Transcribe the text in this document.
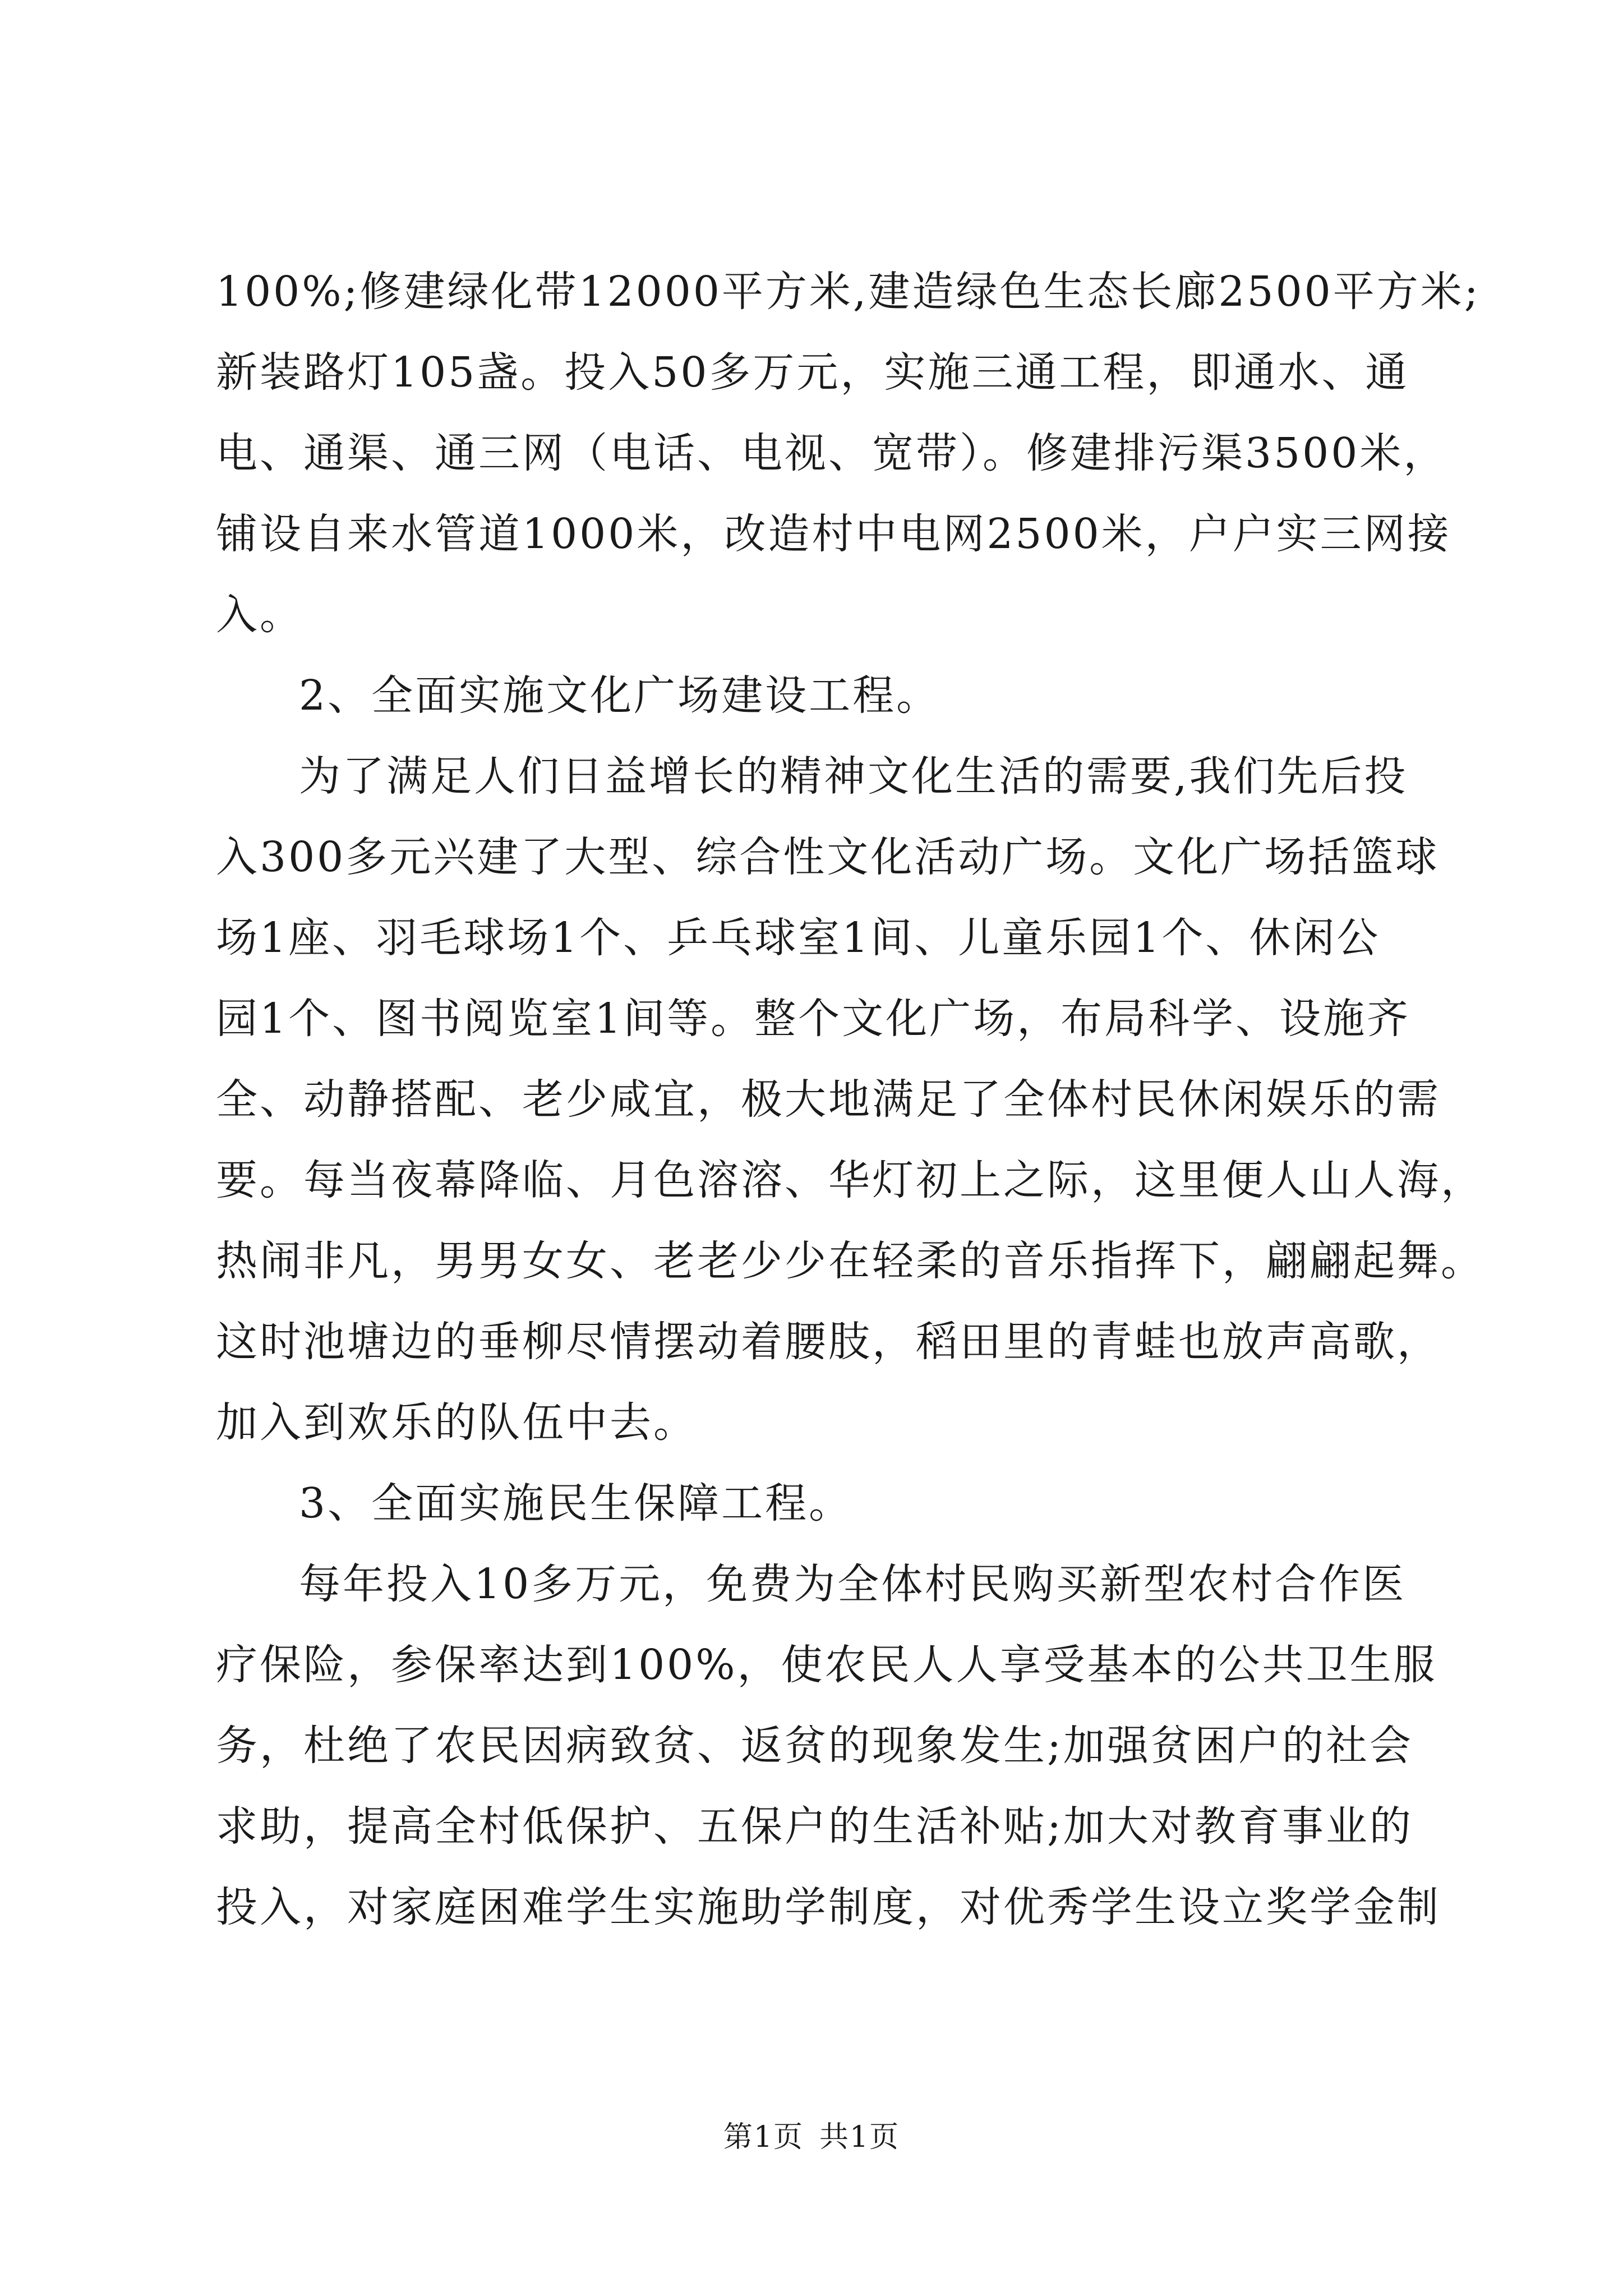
100%;修建绿化带12000平方米,建造绿色生态长廊2500平方米;
新装路灯105盏。投入50多万元，实施三通工程，即通水、通
电、通渠、通三网（电话、电视、宽带）。修建排污渠3500米，
铺设自来水管道1000米，改造村中电网2500米，户户实三网接
入。
2、全面实施文化广场建设工程。
为了满足人们日益增长的精神文化生活的需要,我们先后投
入300多元兴建了大型、综合性文化活动广场。文化广场括篮球
场1座、羽毛球场1个、乒乓球室1间、儿童乐园1个、休闲公
园1个、图书阅览室1间等。整个文化广场，布局科学、设施齐
全、动静搭配、老少咸宜，极大地满足了全体村民休闲娱乐的需
要。每当夜幕降临、月色溶溶、华灯初上之际，这里便人山人海，
热闹非凡，男男女女、老老少少在轻柔的音乐指挥下，翩翩起舞。
这时池塘边的垂柳尽情摆动着腰肢，稻田里的青蛙也放声高歌，
加入到欢乐的队伍中去。
3、全面实施民生保障工程。
每年投入10多万元，免费为全体村民购买新型农村合作医
疗保险，参保率达到100%，使农民人人享受基本的公共卫生服
务，杜绝了农民因病致贫、返贫的现象发生;加强贫困户的社会
求助，提高全村低保护、五保户的生活补贴;加大对教育事业的
投入，对家庭困难学生实施助学制度，对优秀学生设立奖学金制
第1页 共1页
